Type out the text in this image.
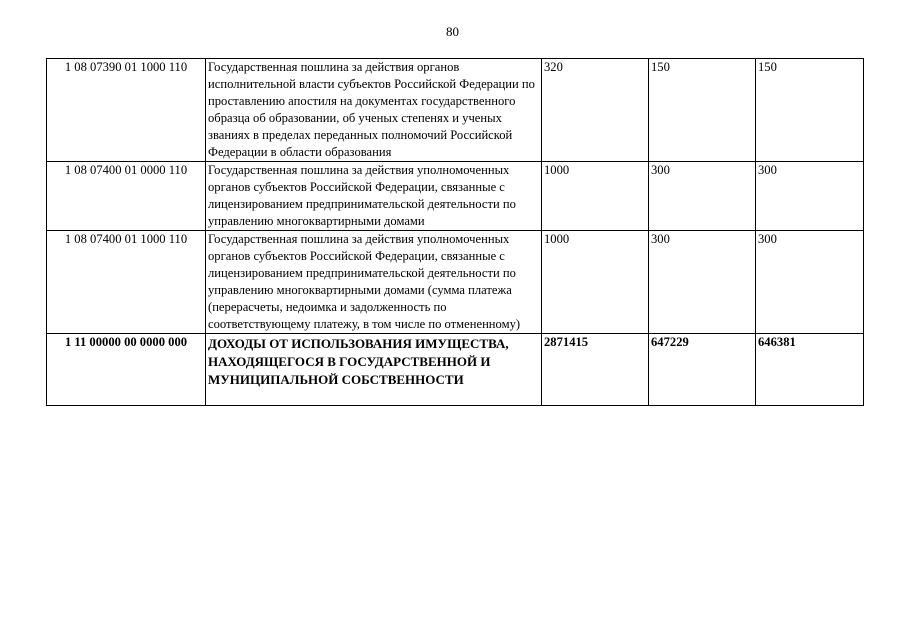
80
1 08 07390 01 1000 110	Государственная пошлина за действия органов исполнительной власти субъектов Российской Федерации по проставлению апостиля на документах государственного образца об образовании, об ученых степенях и ученых званиях в пределах переданных полномочий Российской Федерации в области образования	320	150	150
1 08 07400 01 0000 110	Государственная пошлина за действия уполномоченных органов субъектов Российской Федерации, связанные с лицензированием предпринимательской деятельности по управлению многоквартирными домами	1000	300	300
1 08 07400 01 1000 110	Государственная пошлина за действия уполномоченных органов субъектов Российской Федерации, связанные с лицензированием предпринимательской деятельности по управлению многоквартирными домами (сумма платежа (перерасчеты, недоимка и задолженность по соответствующему платежу, в том числе по отмененному)	1000	300	300
1 11 00000 00 0000 000	ДОХОДЫ ОТ ИСПОЛЬЗОВАНИЯ ИМУЩЕСТВА, НАХОДЯЩЕГОСЯ В ГОСУДАРСТВЕННОЙ И МУНИЦИПАЛЬНОЙ СОБСТВЕННОСТИ	2871415	647229	646381
